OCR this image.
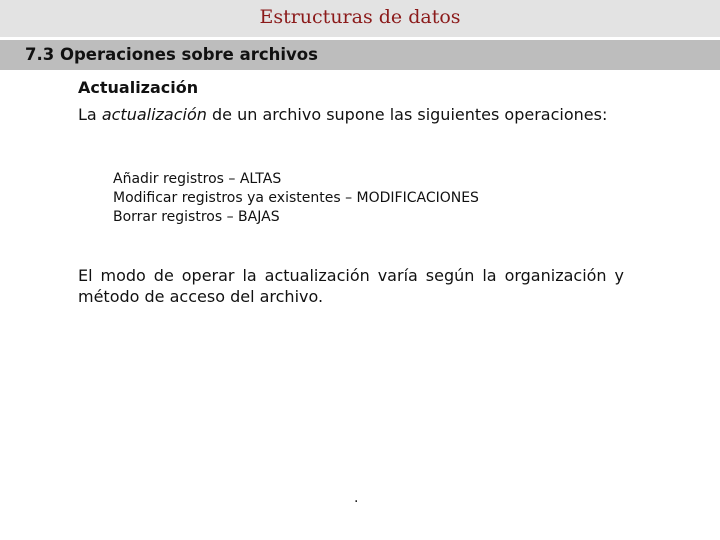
Estructuras de datos
7.3 Operaciones sobre archivos
Actualización
La actualización de un archivo supone las siguientes operaciones:
Añadir registros – ALTAS
Modificar registros ya existentes – MODIFICACIONES
Borrar registros – BAJAS
El modo de operar la actualización varía según la organización y método de acceso del archivo.
.
